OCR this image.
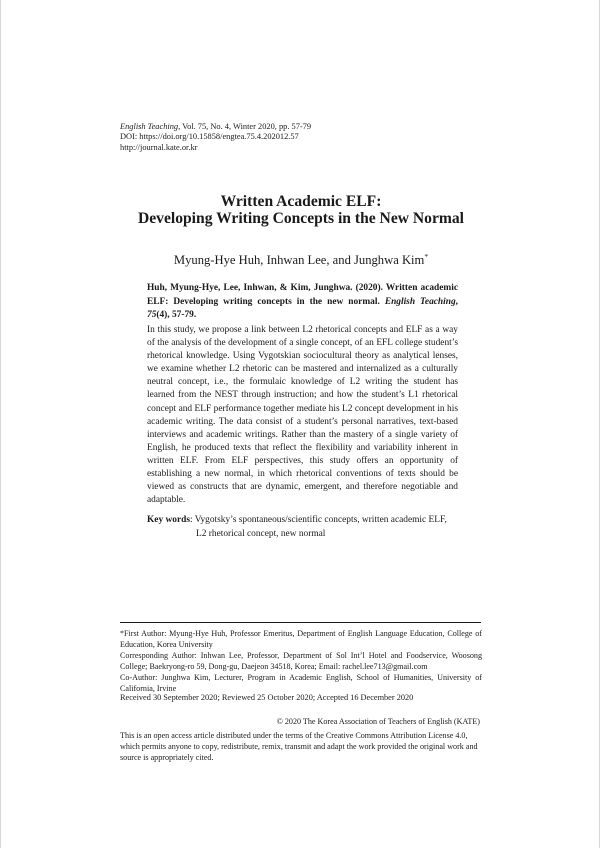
English Teaching, Vol. 75, No. 4, Winter 2020, pp. 57-79
DOI: https://doi.org/10.15858/engtea.75.4.202012.57
http://journal.kate.or.kr
Written Academic ELF:
Developing Writing Concepts in the New Normal
Myung-Hye Huh, Inhwan Lee, and Junghwa Kim*
Huh, Myung-Hye, Lee, Inhwan, & Kim, Junghwa. (2020). Written academic ELF: Developing writing concepts in the new normal. English Teaching, 75(4), 57-79.
In this study, we propose a link between L2 rhetorical concepts and ELF as a way of the analysis of the development of a single concept, of an EFL college student’s rhetorical knowledge. Using Vygotskian sociocultural theory as analytical lenses, we examine whether L2 rhetoric can be mastered and internalized as a culturally neutral concept, i.e., the formulaic knowledge of L2 writing the student has learned from the NEST through instruction; and how the student’s L1 rhetorical concept and ELF performance together mediate his L2 concept development in his academic writing. The data consist of a student’s personal narratives, text-based interviews and academic writings. Rather than the mastery of a single variety of English, he produced texts that reflect the flexibility and variability inherent in written ELF. From ELF perspectives, this study offers an opportunity of establishing a new normal, in which rhetorical conventions of texts should be viewed as constructs that are dynamic, emergent, and therefore negotiable and adaptable.
Key words: Vygotsky’s spontaneous/scientific concepts, written academic ELF,
L2 rhetorical concept, new normal

*First Author: Myung-Hye Huh, Professor Emeritus, Department of English Language Education, College of Education, Korea University

Corresponding Author: Inhwan Lee, Professor, Department of Sol Int’l Hotel and Foodservice, Woosong College; Baekryong-ro 59, Dong-gu, Daejeon 34518, Korea; Email: rachel.lee713@gmail.com

Co-Author: Junghwa Kim, Lecturer, Program in Academic English, School of Humanities, University of California, Irvine

Received 30 September 2020; Reviewed 25 October 2020; Accepted 16 December 2020
© 2020 The Korea Association of Teachers of English (KATE)
This is an open access article distributed under the terms of the Creative Commons Attribution License 4.0, which permits anyone to copy, redistribute, remix, transmit and adapt the work provided the original work and source is appropriately cited.
